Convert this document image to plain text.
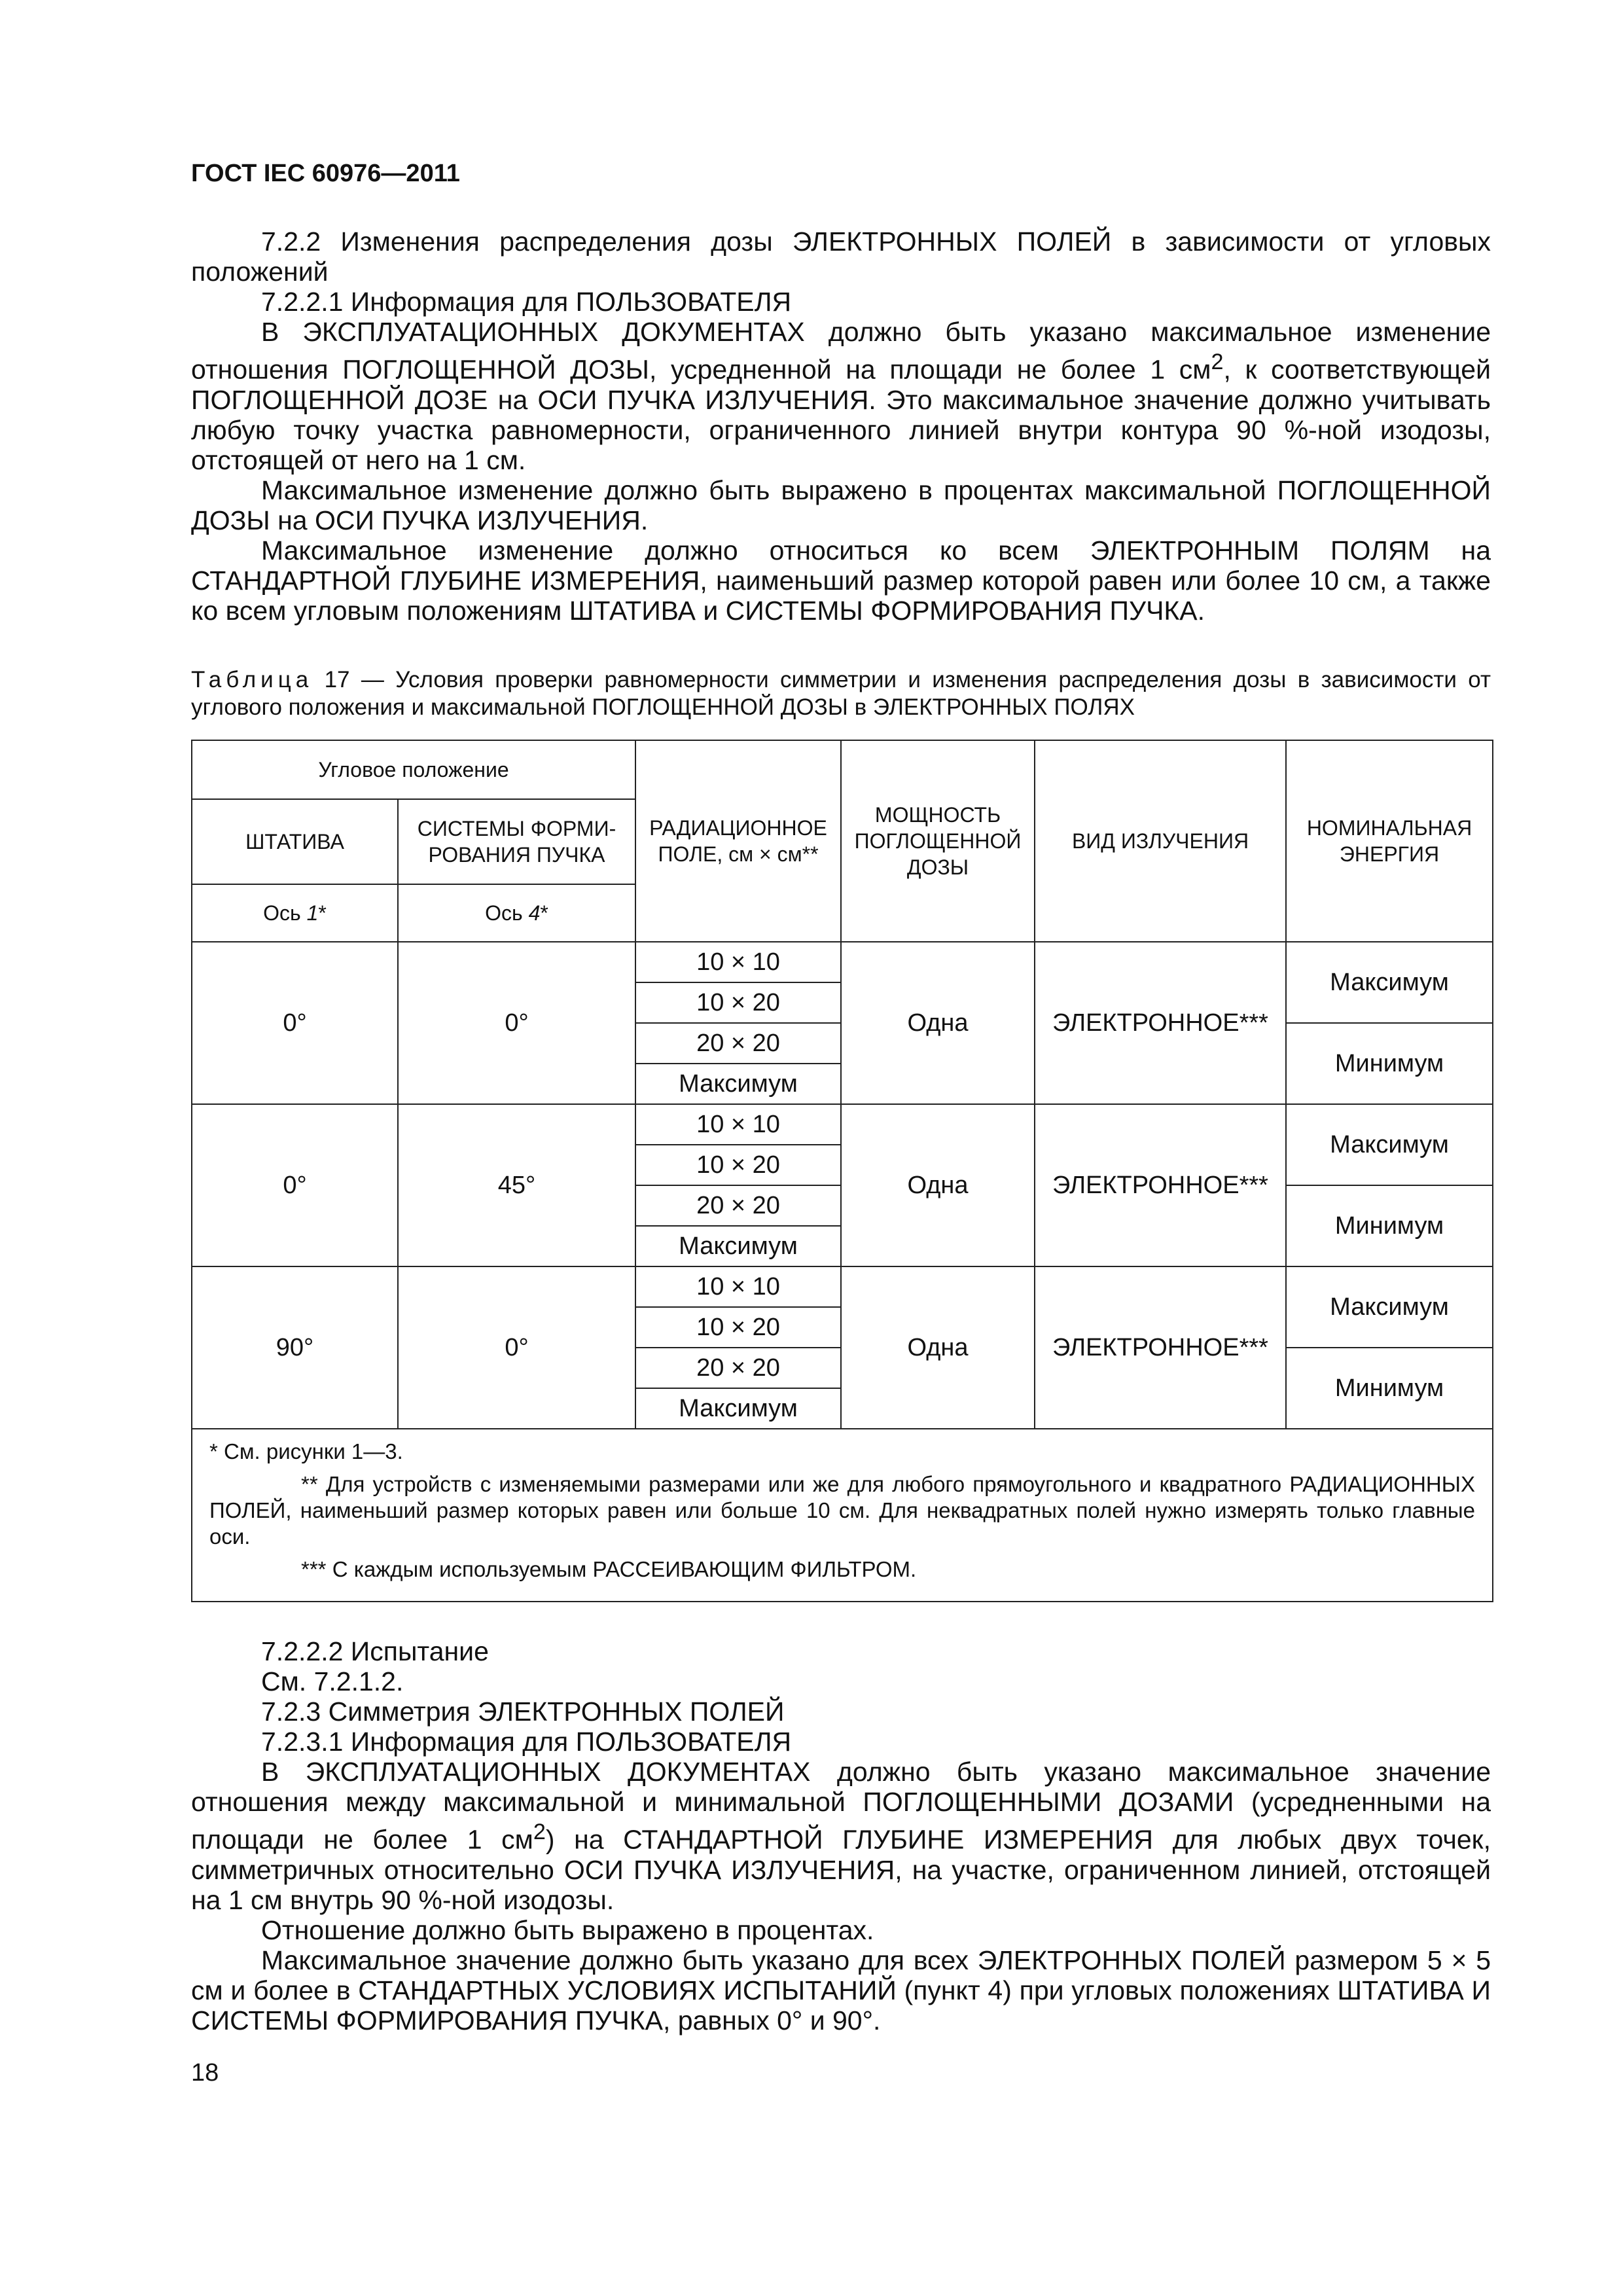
ГОСТ IEC 60976—2011

7.2.2 Изменения распределения дозы ЭЛЕКТРОННЫХ ПОЛЕЙ в зависимости от угловых положений

7.2.2.1 Информация для ПОЛЬЗОВАТЕЛЯ

В ЭКСПЛУАТАЦИОННЫХ ДОКУМЕНТАХ должно быть указано максимальное изменение отношения ПОГЛОЩЕННОЙ ДОЗЫ, усредненной на площади не более 1 $см^2$, к соответствующей ПОГЛОЩЕННОЙ ДОЗЕ на ОСИ ПУЧКА ИЗЛУЧЕНИЯ. Это максимальное значение должно учитывать любую точку участка равномерности, ограниченного линией внутри контура 90 %-ной изодозы, отстоящей от него на 1 см.

Максимальное изменение должно быть выражено в процентах максимальной ПОГЛОЩЕННОЙ ДОЗЫ на ОСИ ПУЧКА ИЗЛУЧЕНИЯ.

Максимальное изменение должно относиться ко всем ЭЛЕКТРОННЫМ ПОЛЯМ на СТАНДАРТНОЙ ГЛУБИНЕ ИЗМЕРЕНИЯ, наименьший размер которой равен или более 10 см, а также ко всем угловым положениям ШТАТИВА и СИСТЕМЫ ФОРМИРОВАНИЯ ПУЧКА.

Таблица 17 — Условия проверки равномерности симметрии и изменения распределения дозы в зависимости от углового положения и максимальной ПОГЛОЩЕННОЙ ДОЗЫ в ЭЛЕКТРОННЫХ ПОЛЯХ
Угловое положение		РАДИАЦИОННОЕ ПОЛЕ, см × см**	МОЩНОСТЬ ПОГЛОЩЕННОЙ ДОЗЫ	ВИД ИЗЛУЧЕНИЯ	НОМИНАЛЬНАЯ ЭНЕРГИЯ
ШТАТИВА	СИСТЕМЫ ФОРМИ-РОВАНИЯ ПУЧКА				
Ось 1*	Ось 4*				
0°	0°	10 × 10	Одна	ЭЛЕКТРОННОЕ***	Максимум
		10 × 20			
		20 × 20			Минимум
		Максимум			
0°	45°	10 × 10	Одна	ЭЛЕКТРОННОЕ***	Максимум
		10 × 20			
		20 × 20			Минимум
		Максимум			
90°	0°	10 × 10	Одна	ЭЛЕКТРОННОЕ***	Максимум
		10 × 20			
		20 × 20			Минимум
		Максимум			

* См. рисунки 1—3.

** Для устройств с изменяемыми размерами или же для любого прямоугольного и квадратного РАДИАЦИОННЫХ ПОЛЕЙ, наименьший размер которых равен или больше 10 см. Для неквадратных полей нужно измерять только главные оси.

*** С каждым используемым РАССЕИВАЮЩИМ ФИЛЬТРОМ.					

7.2.2.2 Испытание

См. 7.2.1.2.

7.2.3 Симметрия ЭЛЕКТРОННЫХ ПОЛЕЙ

7.2.3.1 Информация для ПОЛЬЗОВАТЕЛЯ

В ЭКСПЛУАТАЦИОННЫХ ДОКУМЕНТАХ должно быть указано максимальное значение отношения между максимальной и минимальной ПОГЛОЩЕННЫМИ ДОЗАМИ (усредненными на площади не более 1 $см^2$) на СТАНДАРТНОЙ ГЛУБИНЕ ИЗМЕРЕНИЯ для любых двух точек, симметричных относительно ОСИ ПУЧКА ИЗЛУЧЕНИЯ, на участке, ограниченном линией, отстоящей на 1 см внутрь 90 %-ной изодозы.

Отношение должно быть выражено в процентах.

Максимальное значение должно быть указано для всех ЭЛЕКТРОННЫХ ПОЛЕЙ размером 5 × 5 см и более в СТАНДАРТНЫХ УСЛОВИЯХ ИСПЫТАНИЙ (пункт 4) при угловых положениях ШТАТИВА И СИСТЕМЫ ФОРМИРОВАНИЯ ПУЧКА, равных 0° и 90°.

18
